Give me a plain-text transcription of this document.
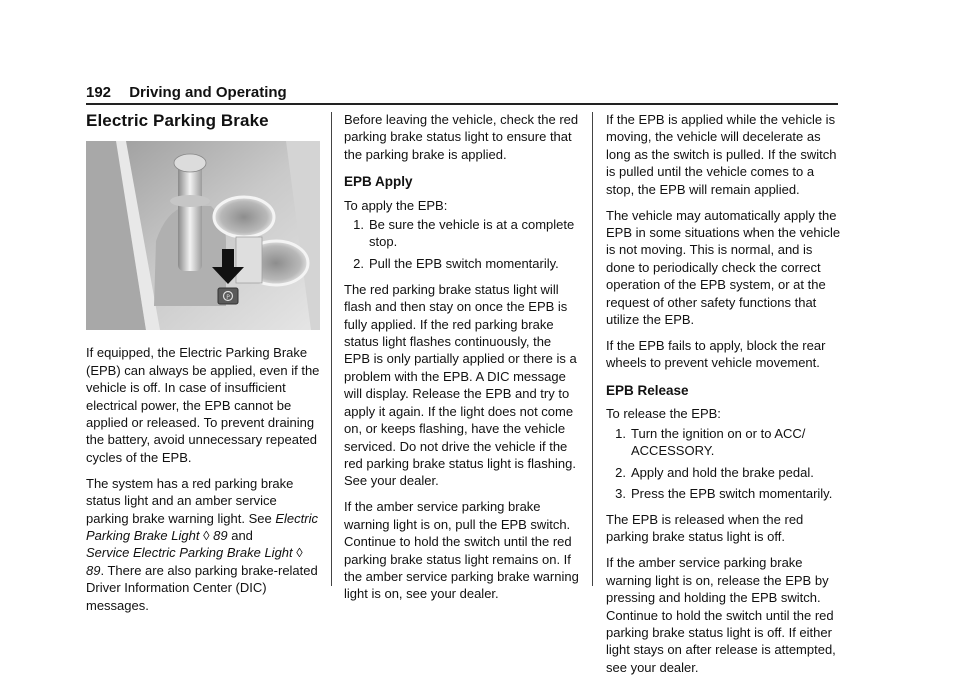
192 Driving and Operating
Electric Parking Brake
P

If equipped, the Electric Parking Brake (EPB) can always be applied, even if the vehicle is off. In case of insufficient electrical power, the EPB cannot be applied or released. To prevent draining the battery, avoid unnecessary repeated cycles of the EPB.

The system has a red parking brake status light and an amber service parking brake warning light. See Electric Parking Brake Light ◊ 89 and
Service Electric Parking Brake Light ◊ 89. There are also parking brake-related Driver Information Center (DIC) messages.

Before leaving the vehicle, check the red parking brake status light to ensure that the parking brake is applied.

EPB Apply

To apply the EPB:

1. Be sure the vehicle is at a complete stop.
2. Pull the EPB switch momentarily.

The red parking brake status light will flash and then stay on once the EPB is fully applied. If the red parking brake status light flashes continuously, the EPB is only partially applied or there is a problem with the EPB. A DIC message will display. Release the EPB and try to apply it again. If the light does not come on, or keeps flashing, have the vehicle serviced. Do not drive the vehicle if the red parking brake status light is flashing. See your dealer.

If the amber service parking brake warning light is on, pull the EPB switch. Continue to hold the switch until the red parking brake status light remains on. If the amber service parking brake warning light is on, see your dealer.

If the EPB is applied while the vehicle is moving, the vehicle will decelerate as long as the switch is pulled. If the switch is pulled until the vehicle comes to a stop, the EPB will remain applied.

The vehicle may automatically apply the EPB in some situations when the vehicle is not moving. This is normal, and is done to periodically check the correct operation of the EPB system, or at the request of other safety functions that utilize the EPB.

If the EPB fails to apply, block the rear wheels to prevent vehicle movement.

EPB Release

To release the EPB:

1. Turn the ignition on or to ACC/ ACCESSORY.
2. Apply and hold the brake pedal.
3. Press the EPB switch momentarily.

The EPB is released when the red parking brake status light is off.

If the amber service parking brake warning light is on, release the EPB by pressing and holding the EPB switch. Continue to hold the switch until the red parking brake status light is off. If either light stays on after release is attempted, see your dealer.
